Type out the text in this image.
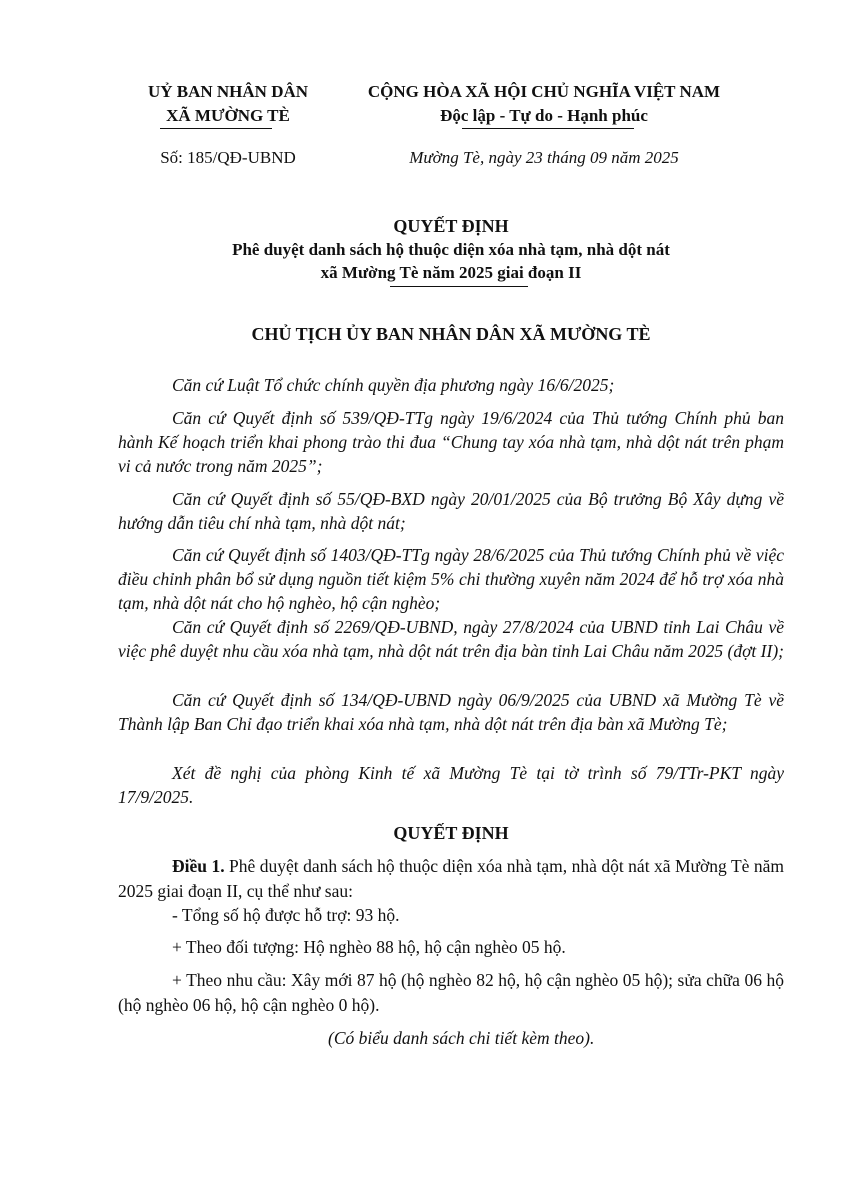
UỶ BAN NHÂN DÂN
XÃ MƯỜNG TÈ
CỘNG HÒA XÃ HỘI CHỦ NGHĨA VIỆT NAM
Độc lập - Tự do - Hạnh phúc
Số: 185/QĐ-UBND	Mường Tè, ngày 23 tháng 09 năm 2025
QUYẾT ĐỊNH
Phê duyệt danh sách hộ thuộc diện xóa nhà tạm, nhà dột nát
xã Mường Tè năm 2025 giai đoạn II
CHỦ TỊCH ỦY BAN NHÂN DÂN XÃ MƯỜNG TÈ
Căn cứ Luật Tổ chức chính quyền địa phương ngày 16/6/2025;
Căn cứ Quyết định số 539/QĐ-TTg ngày 19/6/2024 của Thủ tướng Chính phủ ban hành Kế hoạch triển khai phong trào thi đua “Chung tay xóa nhà tạm, nhà dột nát trên phạm vi cả nước trong năm 2025”;
Căn cứ Quyết định số 55/QĐ-BXD ngày 20/01/2025 của Bộ trưởng Bộ Xây dựng về hướng dẫn tiêu chí nhà tạm, nhà dột nát;
Căn cứ Quyết định số 1403/QĐ-TTg ngày 28/6/2025 của Thủ tướng Chính phủ về việc điều chỉnh phân bổ sử dụng nguồn tiết kiệm 5% chi thường xuyên năm 2024 để hỗ trợ xóa nhà tạm, nhà dột nát cho hộ nghèo, hộ cận nghèo;
Căn cứ Quyết định số 2269/QĐ-UBND, ngày 27/8/2024 của UBND tỉnh Lai Châu về việc phê duyệt nhu cầu xóa nhà tạm, nhà dột nát trên địa bàn tỉnh Lai Châu năm 2025 (đợt II);
Căn cứ Quyết định số 134/QĐ-UBND ngày 06/9/2025 của UBND xã Mường Tè về Thành lập Ban Chỉ đạo triển khai xóa nhà tạm, nhà dột nát trên địa bàn xã Mường Tè;
Xét đề nghị của phòng Kinh tế xã Mường Tè tại tờ trình số 79/TTr-PKT ngày 17/9/2025.
QUYẾT ĐỊNH
Điều 1. Phê duyệt danh sách hộ thuộc diện xóa nhà tạm, nhà dột nát xã Mường Tè năm 2025 giai đoạn II, cụ thể như sau:
- Tổng số hộ được hỗ trợ: 93 hộ.
+ Theo đối tượng: Hộ nghèo 88 hộ, hộ cận nghèo 05 hộ.
+ Theo nhu cầu: Xây mới 87 hộ (hộ nghèo 82 hộ, hộ cận nghèo 05 hộ); sửa chữa 06 hộ (hộ nghèo 06 hộ, hộ cận nghèo 0 hộ).
(Có biểu danh sách chi tiết kèm theo).
